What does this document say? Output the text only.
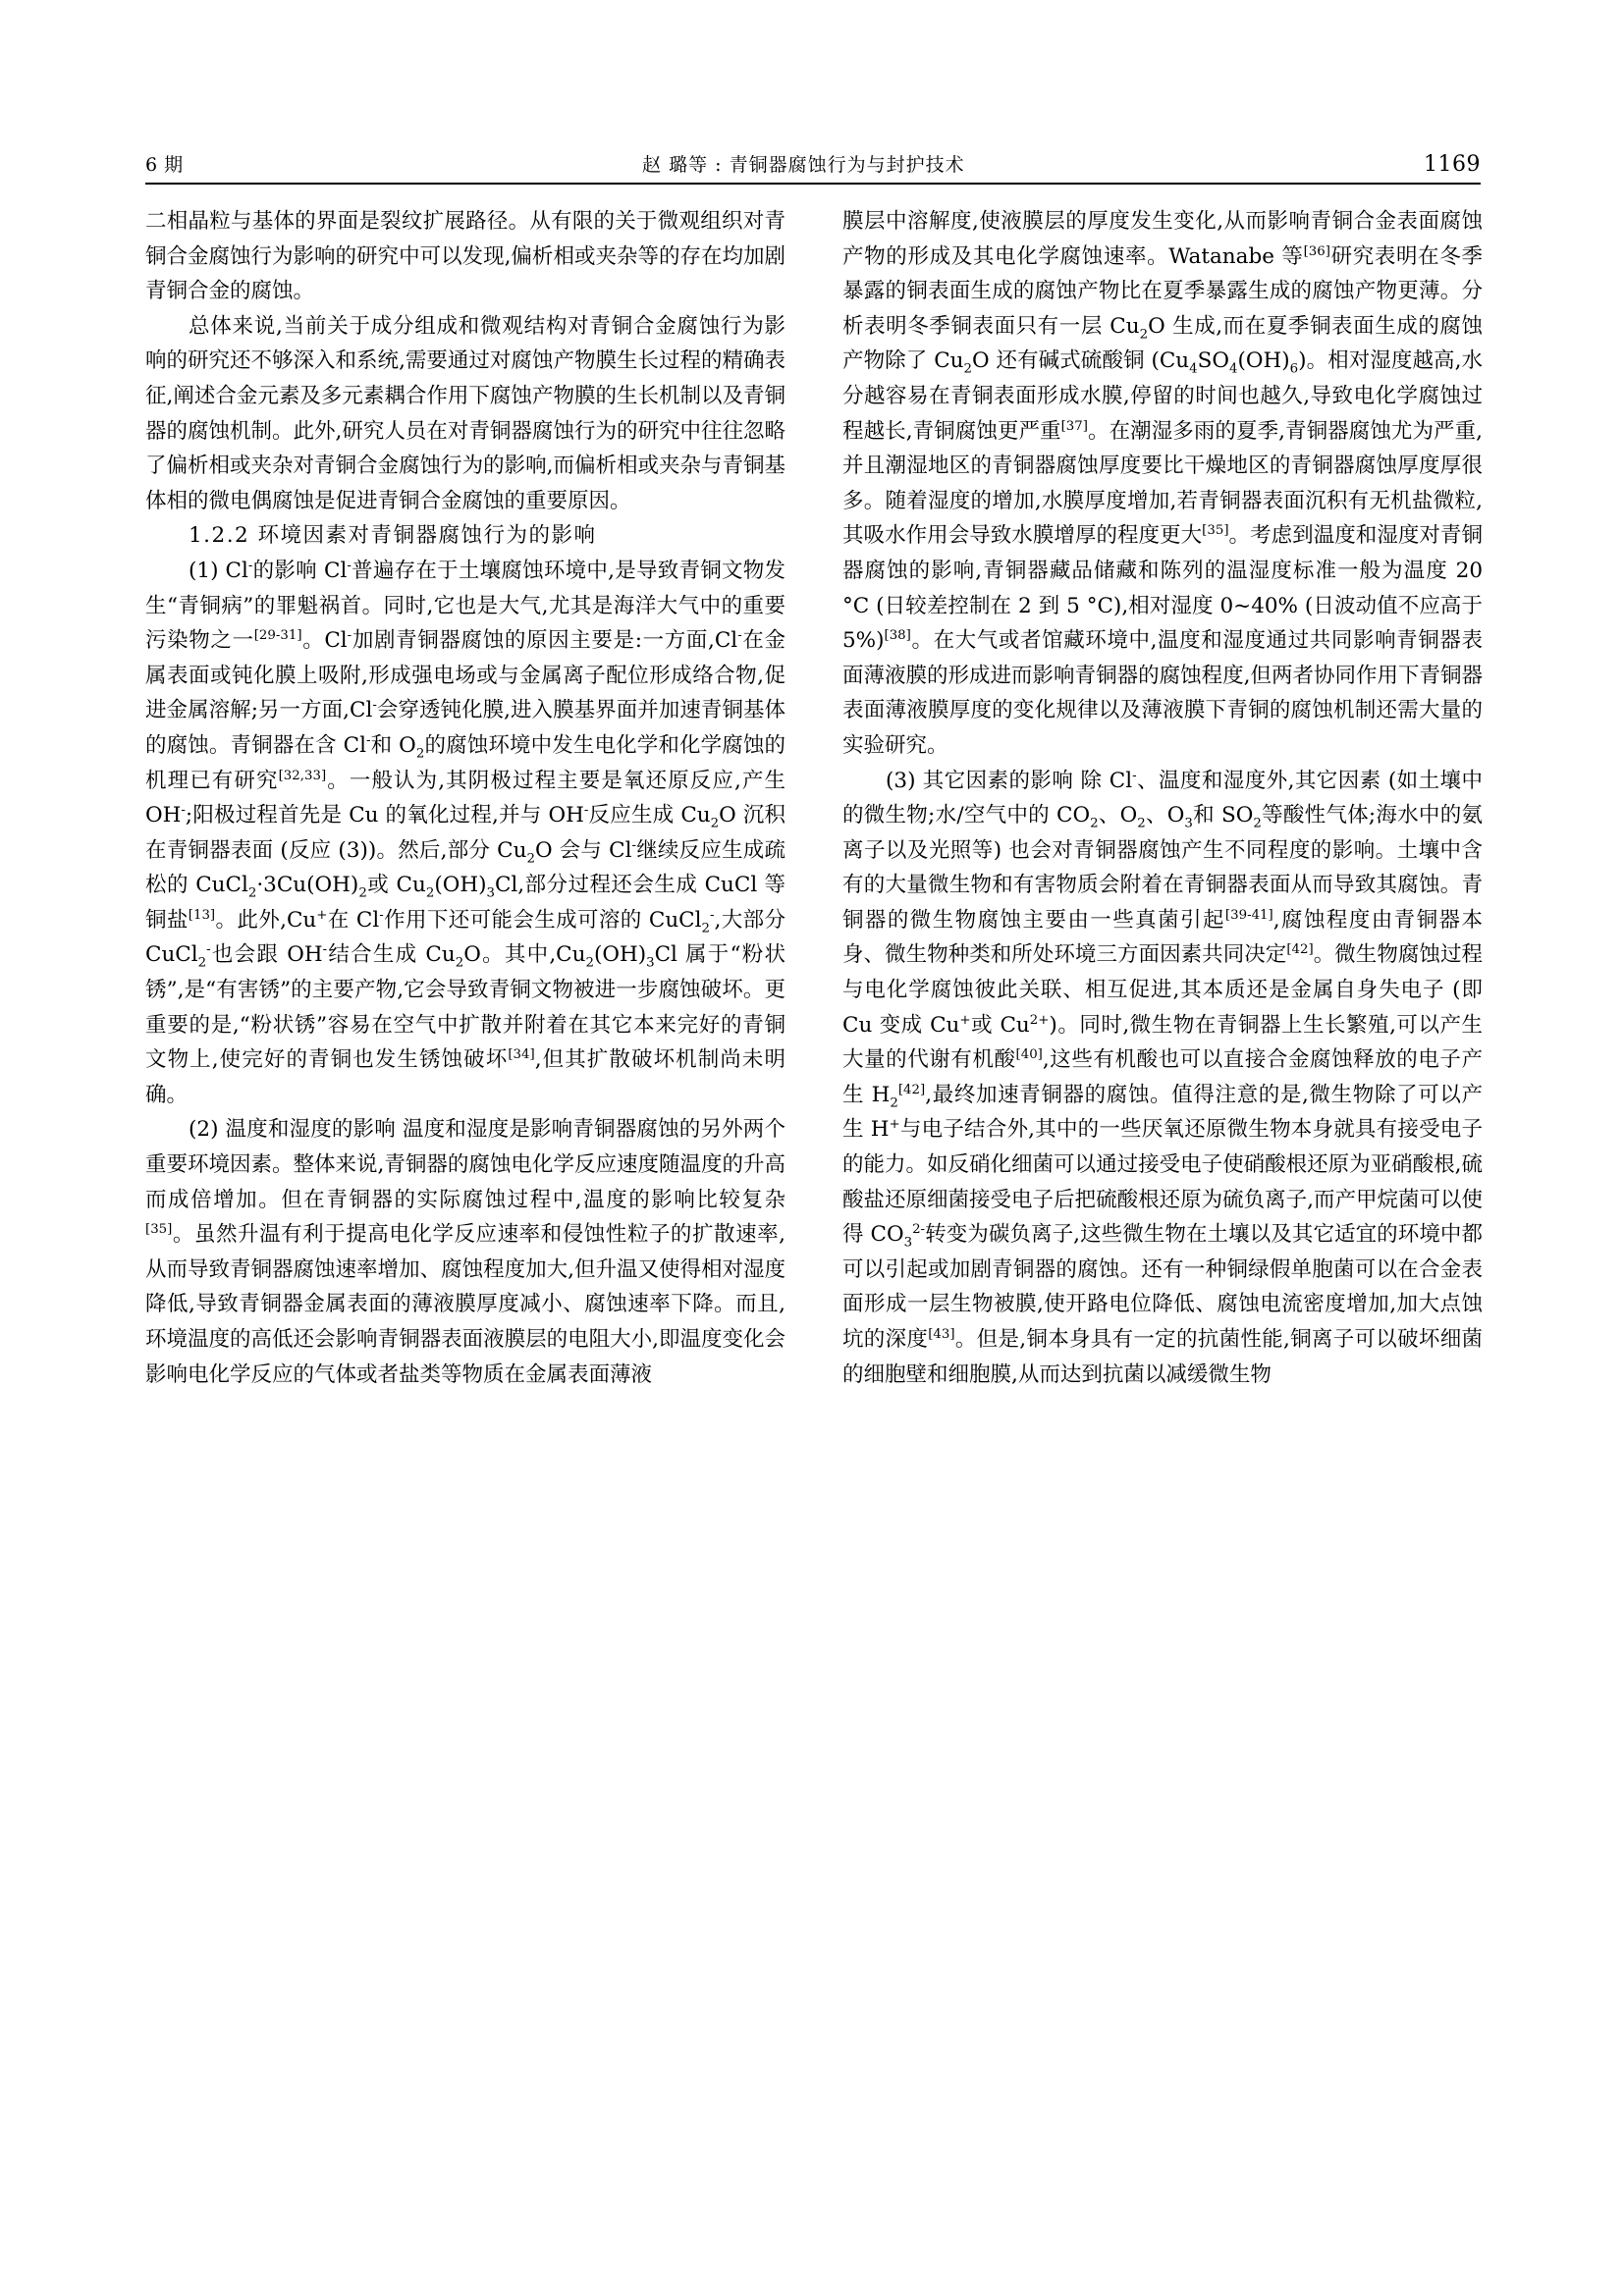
6 期	赵 璐等 : 青铜器腐蚀行为与封护技术	1169

二相晶粒与基体的界面是裂纹扩展路径。从有限的关于微观组织对青铜合金腐蚀行为影响的研究中可以发现,偏析相或夹杂等的存在均加剧青铜合金的腐蚀。

总体来说,当前关于成分组成和微观结构对青铜合金腐蚀行为影响的研究还不够深入和系统,需要通过对腐蚀产物膜生长过程的精确表征,阐述合金元素及多元素耦合作用下腐蚀产物膜的生长机制以及青铜器的腐蚀机制。此外,研究人员在对青铜器腐蚀行为的研究中往往忽略了偏析相或夹杂对青铜合金腐蚀行为的影响,而偏析相或夹杂与青铜基体相的微电偶腐蚀是促进青铜合金腐蚀的重要原因。

1.2.2 环境因素对青铜器腐蚀行为的影响

(1) Cl-的影响 Cl-普遍存在于土壤腐蚀环境中,是导致青铜文物发生“青铜病”的罪魁祸首。同时,它也是大气,尤其是海洋大气中的重要污染物之一[29-31]。Cl-加剧青铜器腐蚀的原因主要是:一方面,Cl-在金属表面或钝化膜上吸附,形成强电场或与金属离子配位形成络合物,促进金属溶解;另一方面,Cl-会穿透钝化膜,进入膜基界面并加速青铜基体的腐蚀。青铜器在含 Cl-和 $O_2$的腐蚀环境中发生电化学和化学腐蚀的机理已有研究[32,33]。一般认为,其阴极过程主要是氧还原反应,产生 OH-;阳极过程首先是 Cu 的氧化过程,并与 OH-反应生成 $Cu_2O$ 沉积在青铜器表面 (反应 (3))。然后,部分 $Cu_2O$ 会与 Cl-继续反应生成疏松的 $CuCl_2\cdot 3Cu(OH)_2$或 $Cu_2(OH)_3Cl$,部分过程还会生成 CuCl 等铜盐[13]。此外,Cu+在 Cl-作用下还可能会生成可溶的 CuCl$_2$-,大部分 CuCl$_2$-也会跟 OH-结合生成 $Cu_2O$。其中$,Cu_2(OH)_3Cl$ 属于“粉状锈”,是“有害锈”的主要产物,它会导致青铜文物被进一步腐蚀破坏。更重要的是,“粉状锈”容易在空气中扩散并附着在其它本来完好的青铜文物上,使完好的青铜也发生锈蚀破坏[34],但其扩散破坏机制尚未明确。

(2) 温度和湿度的影响 温度和湿度是影响青铜器腐蚀的另外两个重要环境因素。整体来说,青铜器的腐蚀电化学反应速度随温度的升高而成倍增加。但在青铜器的实际腐蚀过程中,温度的影响比较复杂[35]。虽然升温有利于提高电化学反应速率和侵蚀性粒子的扩散速率,从而导致青铜器腐蚀速率增加、腐蚀程度加大,但升温又使得相对湿度降低,导致青铜器金属表面的薄液膜厚度减小、腐蚀速率下降。而且,环境温度的高低还会影响青铜器表面液膜层的电阻大小,即温度变化会影响电化学反应的气体或者盐类等物质在金属表面薄液

膜层中溶解度,使液膜层的厚度发生变化,从而影响青铜合金表面腐蚀产物的形成及其电化学腐蚀速率。Watanabe 等[36]研究表明在冬季暴露的铜表面生成的腐蚀产物比在夏季暴露生成的腐蚀产物更薄。分析表明冬季铜表面只有一层 $Cu_2O$ 生成,而在夏季铜表面生成的腐蚀产物除了 $Cu_2O$ 还有碱式硫酸铜 $(Cu_4SO_4(OH)_6)$。相对湿度越高,水分越容易在青铜表面形成水膜,停留的时间也越久,导致电化学腐蚀过程越长,青铜腐蚀更严重[37]。在潮湿多雨的夏季,青铜器腐蚀尤为严重,并且潮湿地区的青铜器腐蚀厚度要比干燥地区的青铜器腐蚀厚度厚很多。随着湿度的增加,水膜厚度增加,若青铜器表面沉积有无机盐微粒,其吸水作用会导致水膜增厚的程度更大[35]。考虑到温度和湿度对青铜器腐蚀的影响,青铜器藏品储藏和陈列的温湿度标准一般为温度 20 °C (日较差控制在 2 到 5 °C),相对湿度 0~40% (日波动值不应高于 5%)[38]。在大气或者馆藏环境中,温度和湿度通过共同影响青铜器表面薄液膜的形成进而影响青铜器的腐蚀程度,但两者协同作用下青铜器表面薄液膜厚度的变化规律以及薄液膜下青铜的腐蚀机制还需大量的实验研究。

(3) 其它因素的影响 除 Cl-、温度和湿度外,其它因素 (如土壤中的微生物;水/空气中的 $CO_2$、$O_2$、$O_3$和 $SO_2$等酸性气体;海水中的氨离子以及光照等) 也会对青铜器腐蚀产生不同程度的影响。土壤中含有的大量微生物和有害物质会附着在青铜器表面从而导致其腐蚀。青铜器的微生物腐蚀主要由一些真菌引起[39-41],腐蚀程度由青铜器本身、微生物种类和所处环境三方面因素共同决定[42]。微生物腐蚀过程与电化学腐蚀彼此关联、相互促进,其本质还是金属自身失电子 (即 Cu 变成 Cu+或 $Cu^{2+}$)。同时,微生物在青铜器上生长繁殖,可以产生大量的代谢有机酸[40],这些有机酸也可以直接合金腐蚀释放的电子产生 $H_2[42]$,最终加速青铜器的腐蚀。值得注意的是,微生物除了可以产生 H+与电子结合外,其中的一些厌氧还原微生物本身就具有接受电子的能力。如反硝化细菌可以通过接受电子使硝酸根还原为亚硝酸根,硫酸盐还原细菌接受电子后把硫酸根还原为硫负离子,而产甲烷菌可以使得 $CO_3^{2-}$转变为碳负离子,这些微生物在土壤以及其它适宜的环境中都可以引起或加剧青铜器的腐蚀。还有一种铜绿假单胞菌可以在合金表面形成一层生物被膜,使开路电位降低、腐蚀电流密度增加,加大点蚀坑的深度[43]。但是,铜本身具有一定的抗菌性能,铜离子可以破坏细菌的细胞壁和细胞膜,从而达到抗菌以减缓微生物
